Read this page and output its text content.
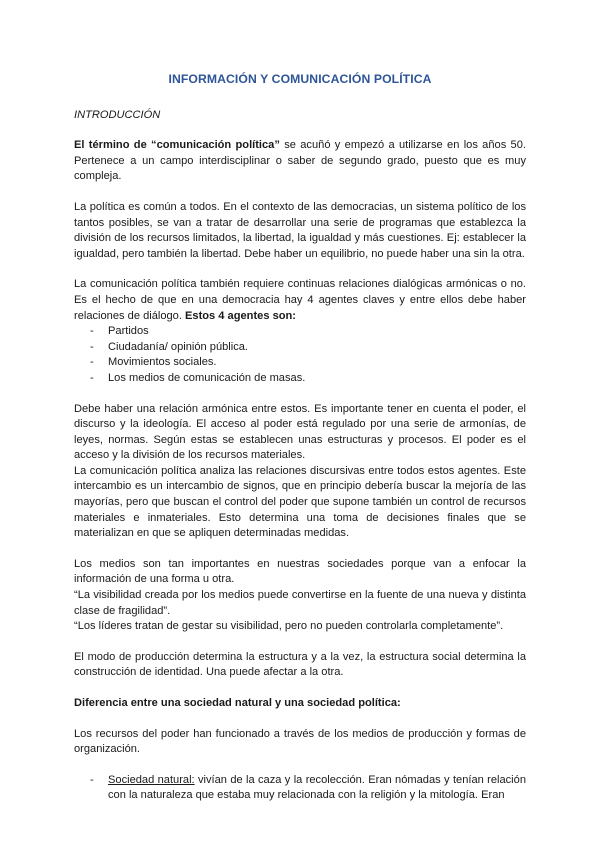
INFORMACIÓN Y COMUNICACIÓN POLÍTICA
INTRODUCCIÓN

El término de “comunicación política” se acuñó y empezó a utilizarse en los años 50. Pertenece a un campo interdisciplinar o saber de segundo grado, puesto que es muy compleja.

La política es común a todos. En el contexto de las democracias, un sistema político de los tantos posibles, se van a tratar de desarrollar una serie de programas que establezca la división de los recursos limitados, la libertad, la igualdad y más cuestiones. Ej: establecer la igualdad, pero también la libertad. Debe haber un equilibrio, no puede haber una sin la otra.

La comunicación política también requiere continuas relaciones dialógicas armónicas o no. Es el hecho de que en una democracia hay 4 agentes claves y entre ellos debe haber relaciones de diálogo. Estos 4 agentes son:

- Partidos
- Ciudadanía/ opinión pública.
- Movimientos sociales.
- Los medios de comunicación de masas.

Debe haber una relación armónica entre estos. Es importante tener en cuenta el poder, el discurso y la ideología. El acceso al poder está regulado por una serie de armonías, de leyes, normas. Según estas se establecen unas estructuras y procesos. El poder es el acceso y la división de los recursos materiales.

La comunicación política analiza las relaciones discursivas entre todos estos agentes. Este intercambio es un intercambio de signos, que en principio debería buscar la mejoría de las mayorías, pero que buscan el control del poder que supone también un control de recursos materiales e inmateriales. Esto determina una toma de decisiones finales que se materializan en que se apliquen determinadas medidas.

Los medios son tan importantes en nuestras sociedades porque van a enfocar la información de una forma u otra.

“La visibilidad creada por los medios puede convertirse en la fuente de una nueva y distinta clase de fragilidad”.

“Los líderes tratan de gestar su visibilidad, pero no pueden controlarla completamente”.

El modo de producción determina la estructura y a la vez, la estructura social determina la construcción de identidad. Una puede afectar a la otra.

Diferencia entre una sociedad natural y una sociedad política:

Los recursos del poder han funcionado a través de los medios de producción y formas de organización.

- Sociedad natural: vivían de la caza y la recolección. Eran nómadas y tenían relación con la naturaleza que estaba muy relacionada con la religión y la mitología. Eran
